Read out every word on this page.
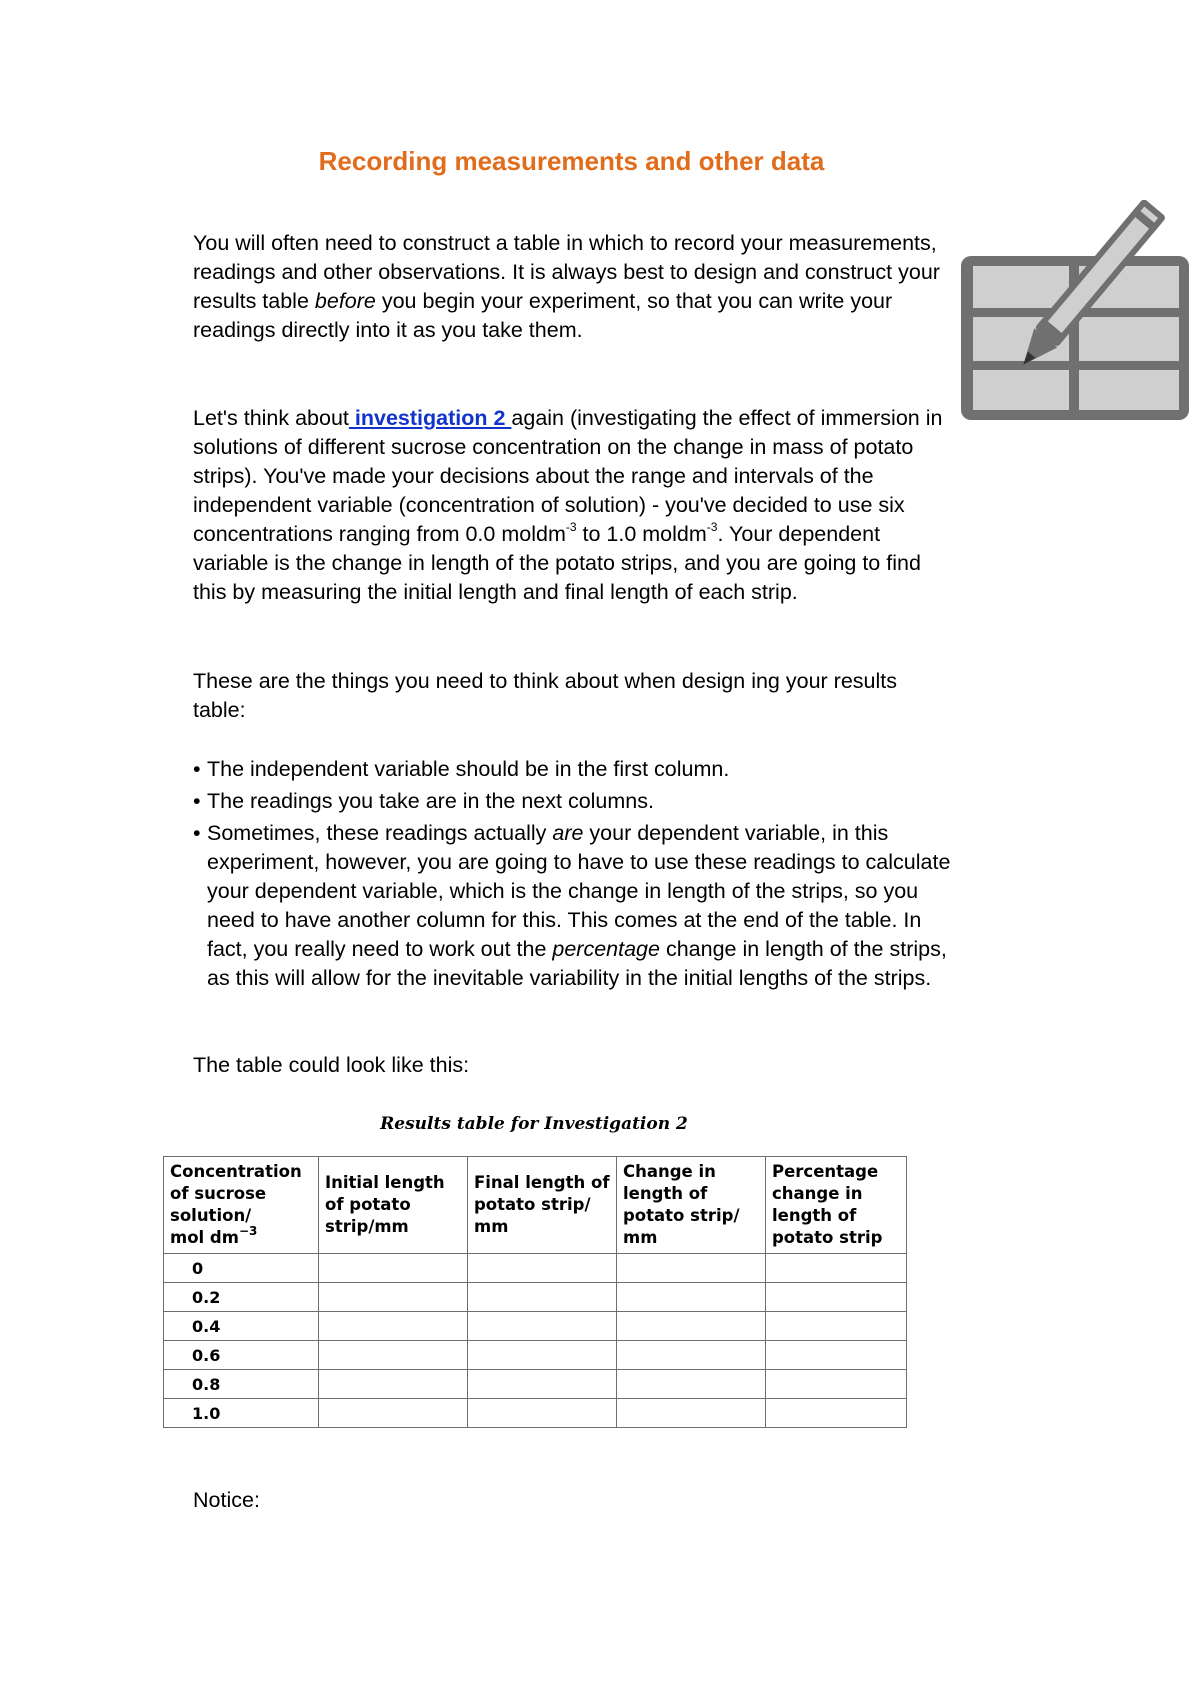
Recording measurements and other data
You will often need to construct a table in which to record your measurements, readings and other observations. It is always best to design and construct your results table before you begin your experiment, so that you can write your readings directly into it as you take them.
Let's think about investigation 2 again (investigating the effect of immersion in solutions of different sucrose concentration on the change in mass of potato strips). You've made your decisions about the range and intervals of the independent variable (concentration of solution) - you've decided to use six concentrations ranging from 0.0 moldm$^{-3}$ to 1.0 moldm$^{-3}$. Your dependent variable is the change in length of the potato strips, and you are going to find this by measuring the initial length and final length of each strip.
These are the things you need to think about when design ing your results table:
• The independent variable should be in the first column.
• The readings you take are in the next columns.
• Sometimes, these readings actually are your dependent variable, in this experiment, however, you are going to have to use these readings to calculate your dependent variable, which is the change in length of the strips, so you need to have another column for this. This comes at the end of the table. In fact, you really need to work out the percentage change in length of the strips, as this will allow for the inevitable variability in the initial lengths of the strips.
The table could look like this:
Results table for Investigation 2
Concentration
of sucrose
solution/
mol $dm^{-3}$	Initial length
of potato
strip/mm	Final length of
potato strip/
mm	Change in
length of
potato strip/
mm	Percentage
change in
length of
potato strip

0				
0.2				
0.4				
0.6				
0.8				
1.0				
Notice:
